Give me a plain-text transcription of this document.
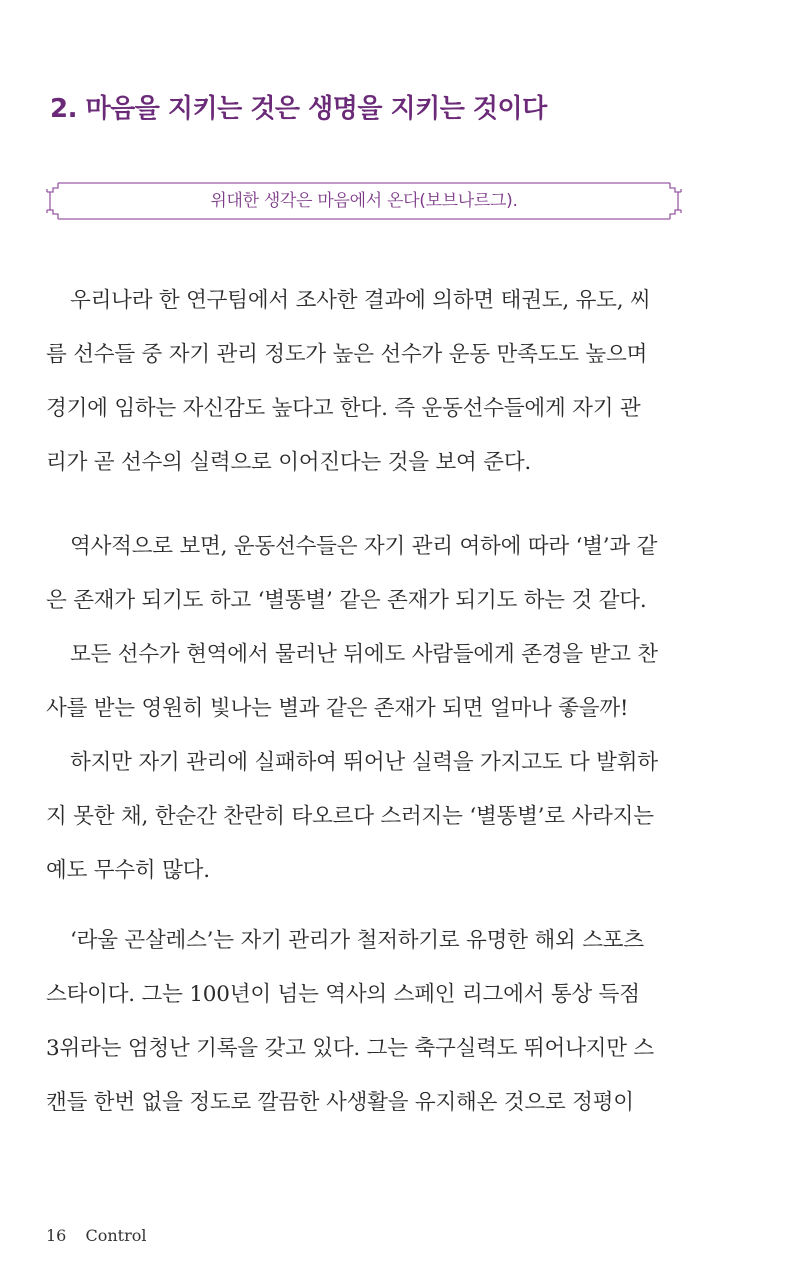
2. 마음을 지키는 것은 생명을 지키는 것이다
위대한 생각은 마음에서 온다(보브나르그).
우리나라 한 연구팀에서 조사한 결과에 의하면 태권도, 유도, 씨
름 선수들 중 자기 관리 정도가 높은 선수가 운동 만족도도 높으며
경기에 임하는 자신감도 높다고 한다. 즉 운동선수들에게 자기 관
리가 곧 선수의 실력으로 이어진다는 것을 보여 준다.
역사적으로 보면, 운동선수들은 자기 관리 여하에 따라 ‘별’과 같
은 존재가 되기도 하고 ‘별똥별’ 같은 존재가 되기도 하는 것 같다.
모든 선수가 현역에서 물러난 뒤에도 사람들에게 존경을 받고 찬
사를 받는 영원히 빛나는 별과 같은 존재가 되면 얼마나 좋을까!
하지만 자기 관리에 실패하여 뛰어난 실력을 가지고도 다 발휘하
지 못한 채, 한순간 찬란히 타오르다 스러지는 ‘별똥별’로 사라지는
예도 무수히 많다.
‘라울 곤살레스’는 자기 관리가 철저하기로 유명한 해외 스포츠
스타이다. 그는 100년이 넘는 역사의 스페인 리그에서 통상 득점
3위라는 엄청난 기록을 갖고 있다. 그는 축구실력도 뛰어나지만 스
캔들 한번 없을 정도로 깔끔한 사생활을 유지해온 것으로 정평이
16 Control
